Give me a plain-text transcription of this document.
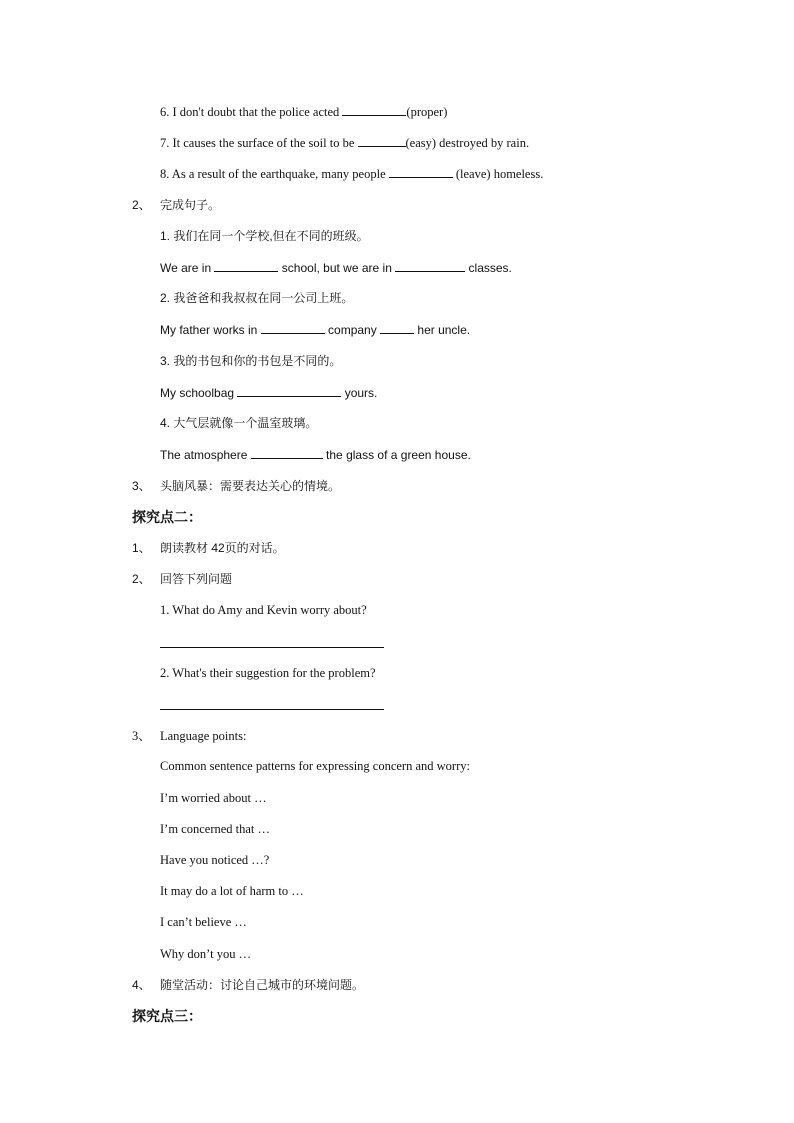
6. I don't doubt that the police acted	(proper)
7. It causes the surface of the soil to be	(easy) destroyed by rain.
8. As a result of the earthquake, many people	(leave) homeless.
2、 完成句子。
1. 我们在同一个学校,但在不同的班级。
We are in	school, but we are in	classes.
2. 我爸爸和我叔叔在同一公司上班。
My father works in	company	her uncle.
3. 我的书包和你的书包是不同的。
My schoolbag	yours.
4. 大气层就像一个温室玻璃。
The atmosphere	the glass of a green house.
3、 头脑风暴：需要表达关心的情境。
探究点二：
1、 朗读教材 42页的对话。
2、 回答下列问题
1. What do Amy and Kevin worry about?
2. What's their suggestion for the problem?
3、 Language points:
Common sentence patterns for expressing concern and worry:
I’m worried about …
I’m concerned that …
Have you noticed …?
It may do a lot of harm to …
I can’t believe …
Why don’t you …
4、 随堂活动：讨论自己城市的环境问题。
探究点三：
